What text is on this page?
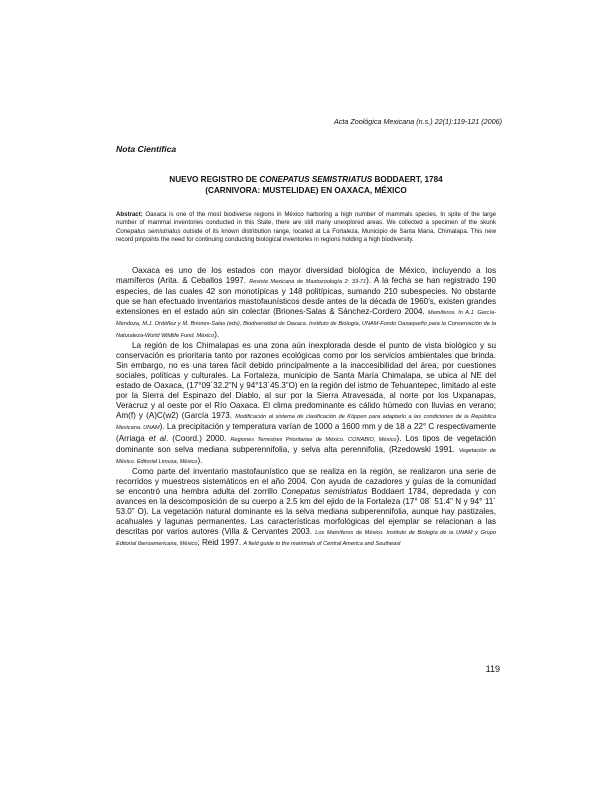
Acta Zoológica Mexicana (n.s.) 22(1):119-121 (2006)
Nota Científica
NUEVO REGISTRO DE CONEPATUS SEMISTRIATUS BODDAERT, 1784
(CARNIVORA: MUSTELIDAE) EN OAXACA, MÉXICO
Abstract: Oaxaca is one of the most biodiverse regions in México harboring a high number of mammals species. In spite of the large number of mammal inventories conducted in this State, there are still many unexplored areas. We collected a specimen of the skunk Conepatus semistriatus outside of its known distribution range, located at La Fortaleza, Municipio de Santa María, Chimalapa. This new record pinpoints the need for continuing conducting biological inventories in regions holding a high biodiversity.

Oaxaca es uno de los estados con mayor diversidad biológica de México, incluyendo a los mamíferos (Arita. & Ceballos 1997. Revista Mexicana de Mastozoología 2: 33-71). A la fecha se han registrado 190 especies, de las cuales 42 son monotípicas y 148 politípicas, sumando 210 subespecies. No obstante que se han efectuado inventarios mastofaunísticos desde antes de la década de 1960’s, existen grandes extensiones en el estado aún sin colectar (Briones-Salas & Sánchez-Cordero 2004. Mamíferos. In A.J. García-Mendoza, M.J. Ordóñez y M. Briones-Salas (eds), Biodiversidad de Oaxaca. Instituto de Biología, UNAM-Fondo Oaxaqueño para la Conservación de la Naturaleza-World Wildlife Fund, México).

La región de los Chimalapas es una zona aún inexplorada desde el punto de vista biológico y su conservación es prioritaria tanto por razones ecológicas como por los servicios ambientales que brinda. Sin embargo, no es una tarea fácil debido principalmente a la inaccesibilidad del área, por cuestiones sociales, políticas y culturales. La Fortaleza, municipio de Santa María Chimalapa, se ubica al NE del estado de Oaxaca, (17°09´32.2”N y 94°13´45.3”O) en la región del istmo de Tehuantepec, limitado al este por la Sierra del Espinazo del Diablo, al sur por la Sierra Atravesada, al norte por los Uxpanapas, Veracruz y al oeste por el Río Oaxaca. El clima predominante es cálido húmedo con lluvias en verano; Am(f) y (A)C(w2) (García 1973. Modificación al sistema de clasificación de Köppen para adaptarlo a las condiciones de la República Mexicana. UNAM). La precipitación y temperatura varían de 1000 a 1600 mm y de 18 a 22° C respectivamente (Arriaga et al. (Coord.) 2000. Regiones Terrestres Prioritarias de México. CONABIO, México). Los tipos de vegetación dominante son selva mediana subperennifolia, y selva alta perennifolia, (Rzedowski 1991. Vegetación de México. Editorial Limusa, México).

Como parte del inventario mastofaunístico que se realiza en la región, se realizaron una serie de recorridos y muestreos sistemáticos en el año 2004. Con ayuda de cazadores y guías de la comunidad se encontró una hembra adulta del zorrillo Conepatus semistriatus Boddaert 1784, depredada y con avances en la descomposición de su cuerpo a 2.5 km del ejido de la Fortaleza (17° 08´ 51.4” N y 94° 11´ 53.0” O). La vegetación natural dominante es la selva mediana subperennifolia, aunque hay pastizales, acahuales y lagunas permanentes. Las características morfológicas del ejemplar se relacionan a las descritas por varios autores (Villa & Cervantes 2003. Los Mamíferos de México. Instituto de Biología de la UNAM y Grupo Editorial Iberoamericana, México; Reid 1997. A field guide to the mammals of Central America and Southeast

119
